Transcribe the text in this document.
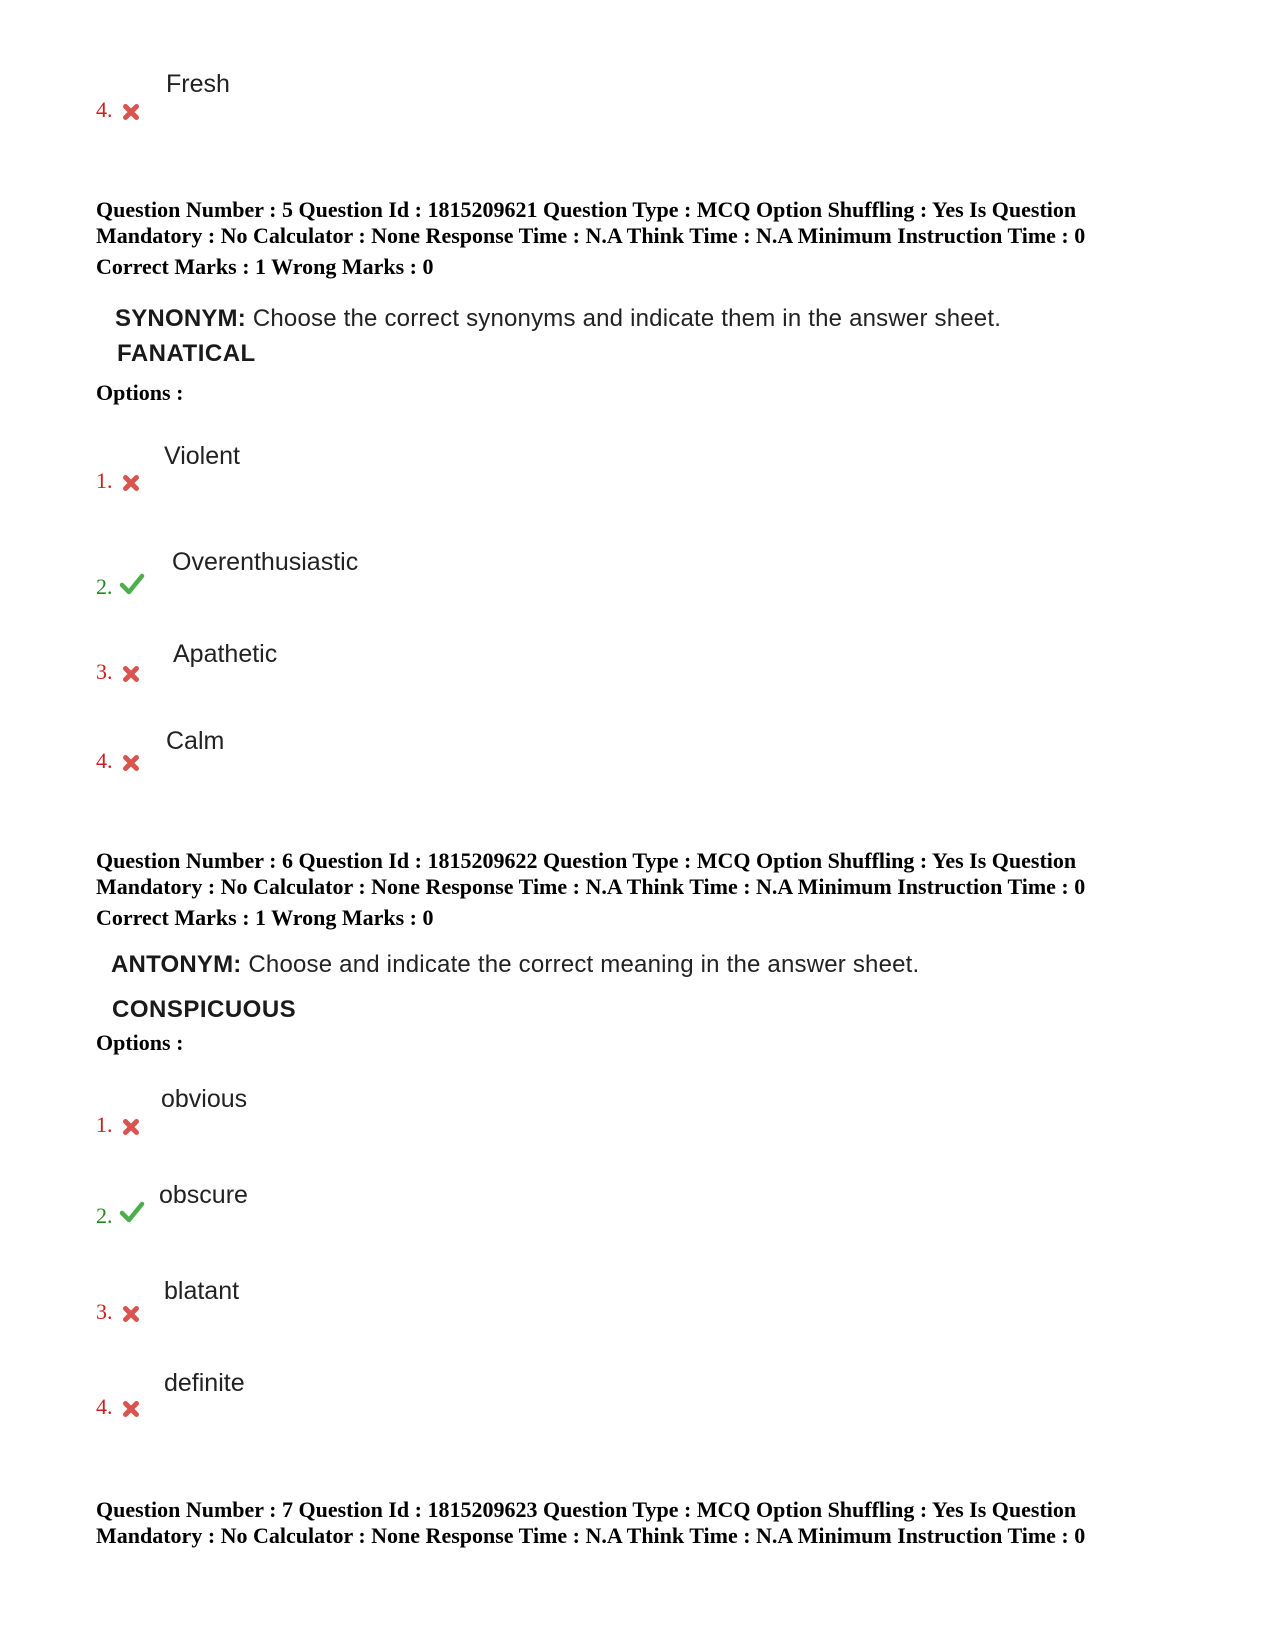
Fresh
4.
Question Number : 5 Question Id : 1815209621 Question Type : MCQ Option Shuffling : Yes Is Question
Mandatory : No Calculator : None Response Time : N.A Think Time : N.A Minimum Instruction Time : 0
Correct Marks : 1 Wrong Marks : 0
SYNONYM: Choose the correct synonyms and indicate them in the answer sheet.
FANATICAL
Options :
Violent
1.
Overenthusiastic
2.
Apathetic
3.
Calm
4.
Question Number : 6 Question Id : 1815209622 Question Type : MCQ Option Shuffling : Yes Is Question
Mandatory : No Calculator : None Response Time : N.A Think Time : N.A Minimum Instruction Time : 0
Correct Marks : 1 Wrong Marks : 0
ANTONYM: Choose and indicate the correct meaning in the answer sheet.
CONSPICUOUS
Options :
obvious
1.
obscure
2.
blatant
3.
definite
4.
Question Number : 7 Question Id : 1815209623 Question Type : MCQ Option Shuffling : Yes Is Question
Mandatory : No Calculator : None Response Time : N.A Think Time : N.A Minimum Instruction Time : 0
